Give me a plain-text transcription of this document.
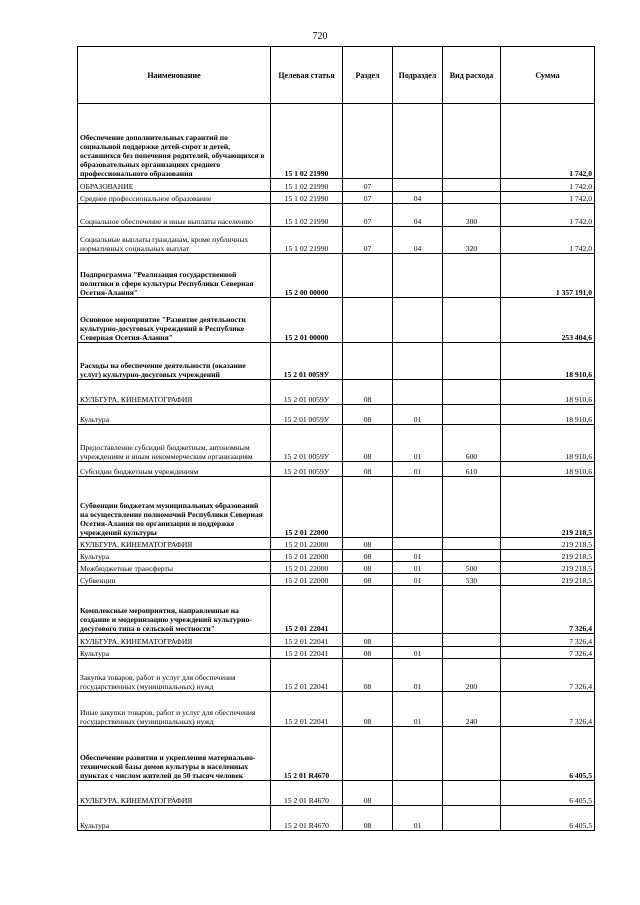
720
Наименование	Целевая статья	Раздел	Подраздел	Вид расхода	Сумма
Обеспечение дополнительных гарантий по социальной поддержке детей-сирот и детей, оставшихся без попечения родителей, обучающихся в образовательных организациях среднего профессионального образования	15 1 02 21990				1 742,0
ОБРАЗОВАНИЕ	15 1 02 21990	07			1 742,0
Среднее профессиональное образование	15 1 02 21990	07	04		1 742,0
Социальное обеспечение и иные выплаты населению	15 1 02 21990	07	04	300	1 742,0
Социальные выплаты гражданам, кроме публичных нормативных социальных выплат	15 1 02 21990	07	04	320	1 742,0
Подпрограмма "Реализация государственной политики в сфере культуры Республики Северная Осетия-Алания"	15 2 00 00000				1 357 191,0
Основное мероприятие "Развитие деятельности культурно-досуговых учреждений в Республике Северная Осетия-Алания"	15 2 01 00000				253 404,6
Расходы на обеспечение деятельности (оказание услуг) культурно-досуговых учреждений	15 2 01 0059У				18 910,6
КУЛЬТУРА, КИНЕМАТОГРАФИЯ	15 2 01 0059У	08			18 910,6
Культура	15 2 01 0059У	08	01		18 910,6
Предоставление субсидий бюджетным, автономным учреждениям и иным некоммерческим организациям	15 2 01 0059У	08	01	600	18 910,6
Субсидии бюджетным учреждениям	15 2 01 0059У	08	01	610	18 910,6
Субвенции бюджетам муниципальных образований на осуществление полномочий Республики Северная Осетия-Алания по организации и поддержке учреждений культуры	15 2 01 22000				219 218,5
КУЛЬТУРА, КИНЕМАТОГРАФИЯ	15 2 01 22000	08			219 218,5
Культура	15 2 01 22000	08	01		219 218,5
Межбюджетные трансферты	15 2 01 22000	08	01	500	219 218,5
Субвенции	15 2 01 22000	08	01	530	219 218,5
Комплексные мероприятия, направленные на создание и модернизацию учреждений культурно-досугового типа в сельской местности"	15 2 01 22041				7 326,4
КУЛЬТУРА, КИНЕМАТОГРАФИЯ	15 2 01 22041	08			7 326,4
Культура	15 2 01 22041	08	01		7 326,4
Закупка товаров, работ и услуг для обеспечения государственных (муниципальных) нужд	15 2 01 22041	08	01	200	7 326,4
Иные закупки товаров, работ и услуг для обеспечения государственных (муниципальных) нужд	15 2 01 22041	08	01	240	7 326,4
Обеспечение развития и укрепления материально-технической базы домов культуры в населенных пунктах с числом жителей до 50 тысяч человек	15 2 01 R4670				6 405,5
КУЛЬТУРА, КИНЕМАТОГРАФИЯ	15 2 01 R4670	08			6 405,5
Культура	15 2 01 R4670	08	01		6 405,5
